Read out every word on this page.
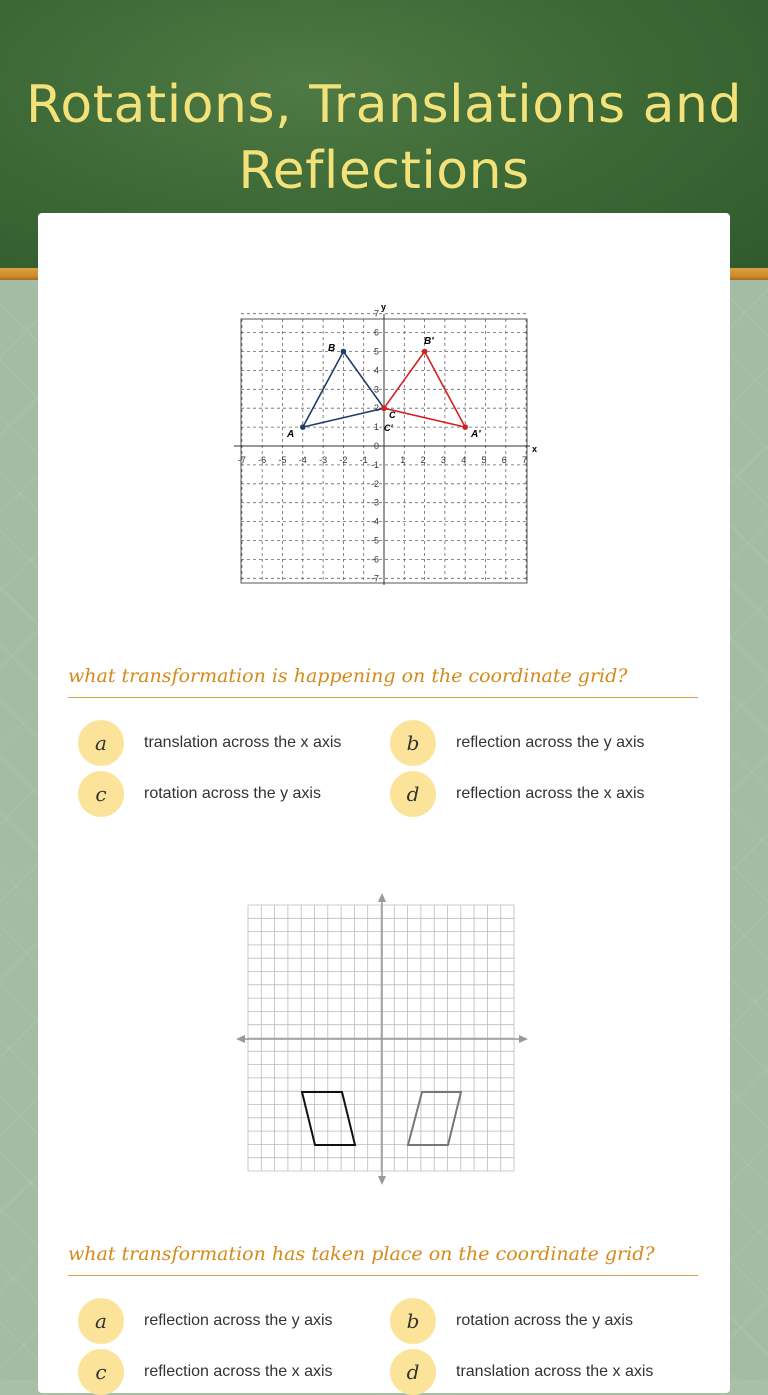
Rotations, Translations and Reflections
-7 -6 -5 -4 -3 -2 -1	1 2 3 4 5 6 7
7
6
5
4
3
2
1
0
-1
-2
-3
-4
-5
-6
-7
x
y
A
B
C
A'
B'
C'
what transformation is happening on the coordinate grid?
a	translation across the x axis	b	reflection across the y axis
c	rotation across the y axis	d	reflection across the x axis
what transformation has taken place on the coordinate grid?
a	reflection across the y axis	b	rotation across the y axis
c	reflection across the x axis	d	translation across the x axis
